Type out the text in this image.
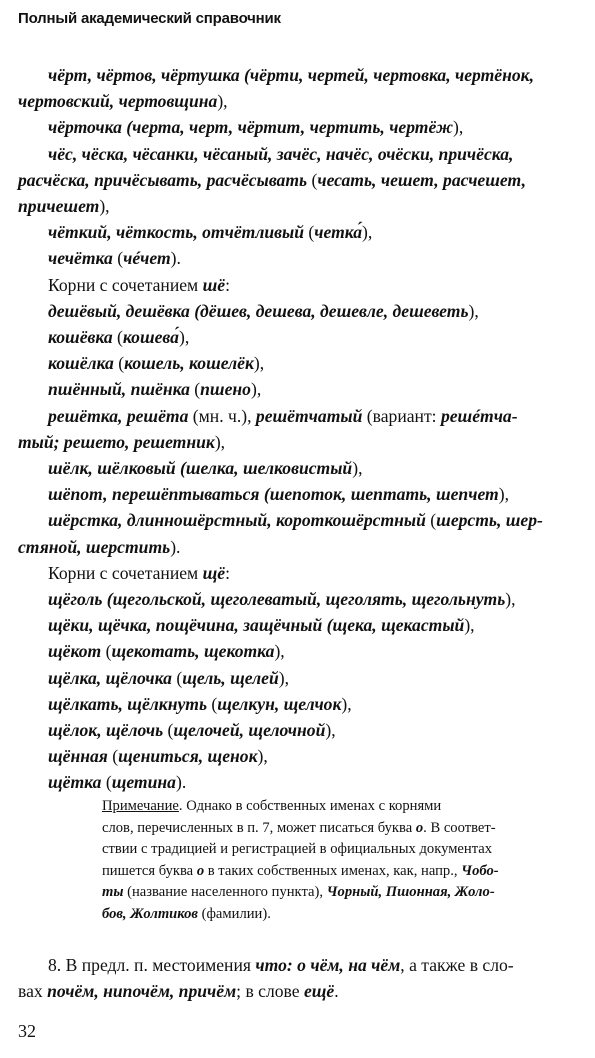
Полный академический справочник
чёрт, чёртов, чёртушка (чёрти, чертей, чертовка, чертёнок,
чертовский, чертовщина),
чёрточка (черта, черт, чёртит, чертить, чертёж),
чёс, чёска, чёсанки, чёсаный, зачёс, начёс, очёски, причёска,
расчёска, причёсывать, расчёсывать (чесать, чешет, расчешет,
причешет),
чёткий, чёткость, отчётливый (четка́),
чечётка (чéчет).
Корни с сочетанием шё:
дешёвый, дешёвка (дёшев, дешева, дешевле, дешеветь),
кошёвка (кошева́),
кошёлка (кошель, кошелёк),
пшённый, пшёнка (пшено),
решётка, решёта (мн. ч.), решётчатый (вариант: решéтча-
тый; решето, решетник),
шёлк, шёлковый (шелка, шелковистый),
шёпот, перешёптываться (шепоток, шептать, шепчет),
шёрстка, длинношёрстный, короткошёрстный (шерсть, шер-
стяной, шерстить).
Корни с сочетанием щё:
щёголь (щегольской, щеголеватый, щеголять, щегольнуть),
щёки, щёчка, пощёчина, защёчный (щека, щекастый),
щёкот (щекотать, щекотка),
щёлка, щёлочка (щель, щелей),
щёлкать, щёлкнуть (щелкун, щелчок),
щёлок, щёлочь (щелочей, щелочной),
щённая (щениться, щенок),
щётка (щетина).
Примечание. Однако в собственных именах с корнями
слов, перечисленных в п. 7, может писаться буква о. В соответ-
ствии с традицией и регистрацией в официальных документах
пишется буква о в таких собственных именах, как, напр., Чобо-
ты (название населенного пункта), Чорный, Пшонная, Жоло-
бов, Жолтиков (фамилии).
8. В предл. п. местоимения что: о чём, на чём, а также в сло-
вах почём, нипочём, причём; в слове ещё.
32
